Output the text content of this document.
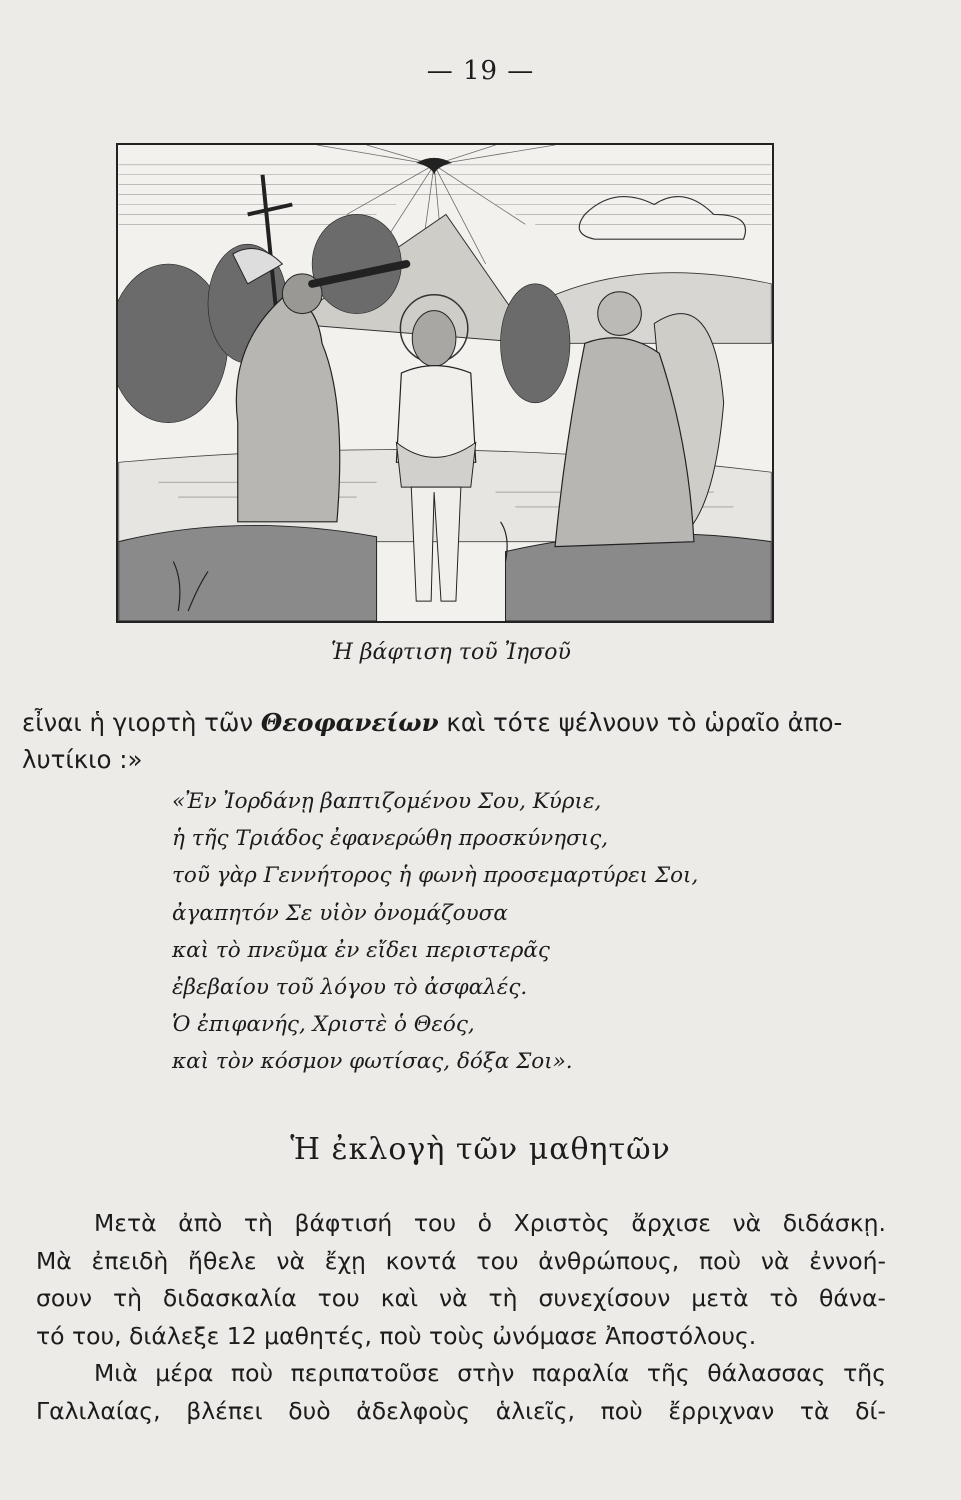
— 19 —
Ἡ βάφτιση τοῦ Ἰησοῦ
εἶναι ἡ γιορτὴ τῶν Θεοφανείων καὶ τότε ψέλνουν τὸ ὡραῖο ἀπο-
λυτίκιο :»
«Ἐν Ἰορδάνῃ βαπτιζομένου Σου, Κύριε,
ἡ τῆς Τριάδος ἐφανερώθη προσκύνησις,
τοῦ γὰρ Γεννήτορος ἡ φωνὴ προσεμαρτύρει Σοι,
ἀγαπητόν Σε υἱὸν ὀνομάζουσα
καὶ τὸ πνεῦμα ἐν εἴδει περιστερᾶς
ἐβεβαίου τοῦ λόγου τὸ ἀσφαλές.
Ὁ ἐπιφανής, Χριστὲ ὁ Θεός,
καὶ τὸν κόσμον φωτίσας, δόξα Σοι».
Ἡ ἐκλογὴ τῶν μαθητῶν
Μετὰ ἀπὸ τὴ βάφτισή του ὁ Χριστὸς ἄρχισε νὰ διδάσκῃ.
Μὰ ἐπειδὴ ἤθελε νὰ ἔχῃ κοντά του ἀνθρώπους, ποὺ νὰ ἐννοή-
σουν τὴ διδασκαλία του καὶ νὰ τὴ συνεχίσουν μετὰ τὸ θάνα-
τό του, διάλεξε 12 μαθητές, ποὺ τοὺς ὠνόμασε Ἀποστόλους.
Μιὰ μέρα ποὺ περιπατοῦσε στὴν παραλία τῆς θάλασσας τῆς
Γαλιλαίας, βλέπει δυὸ ἀδελφοὺς ἁλιεῖς, ποὺ ἔρριχναν τὰ δί-
